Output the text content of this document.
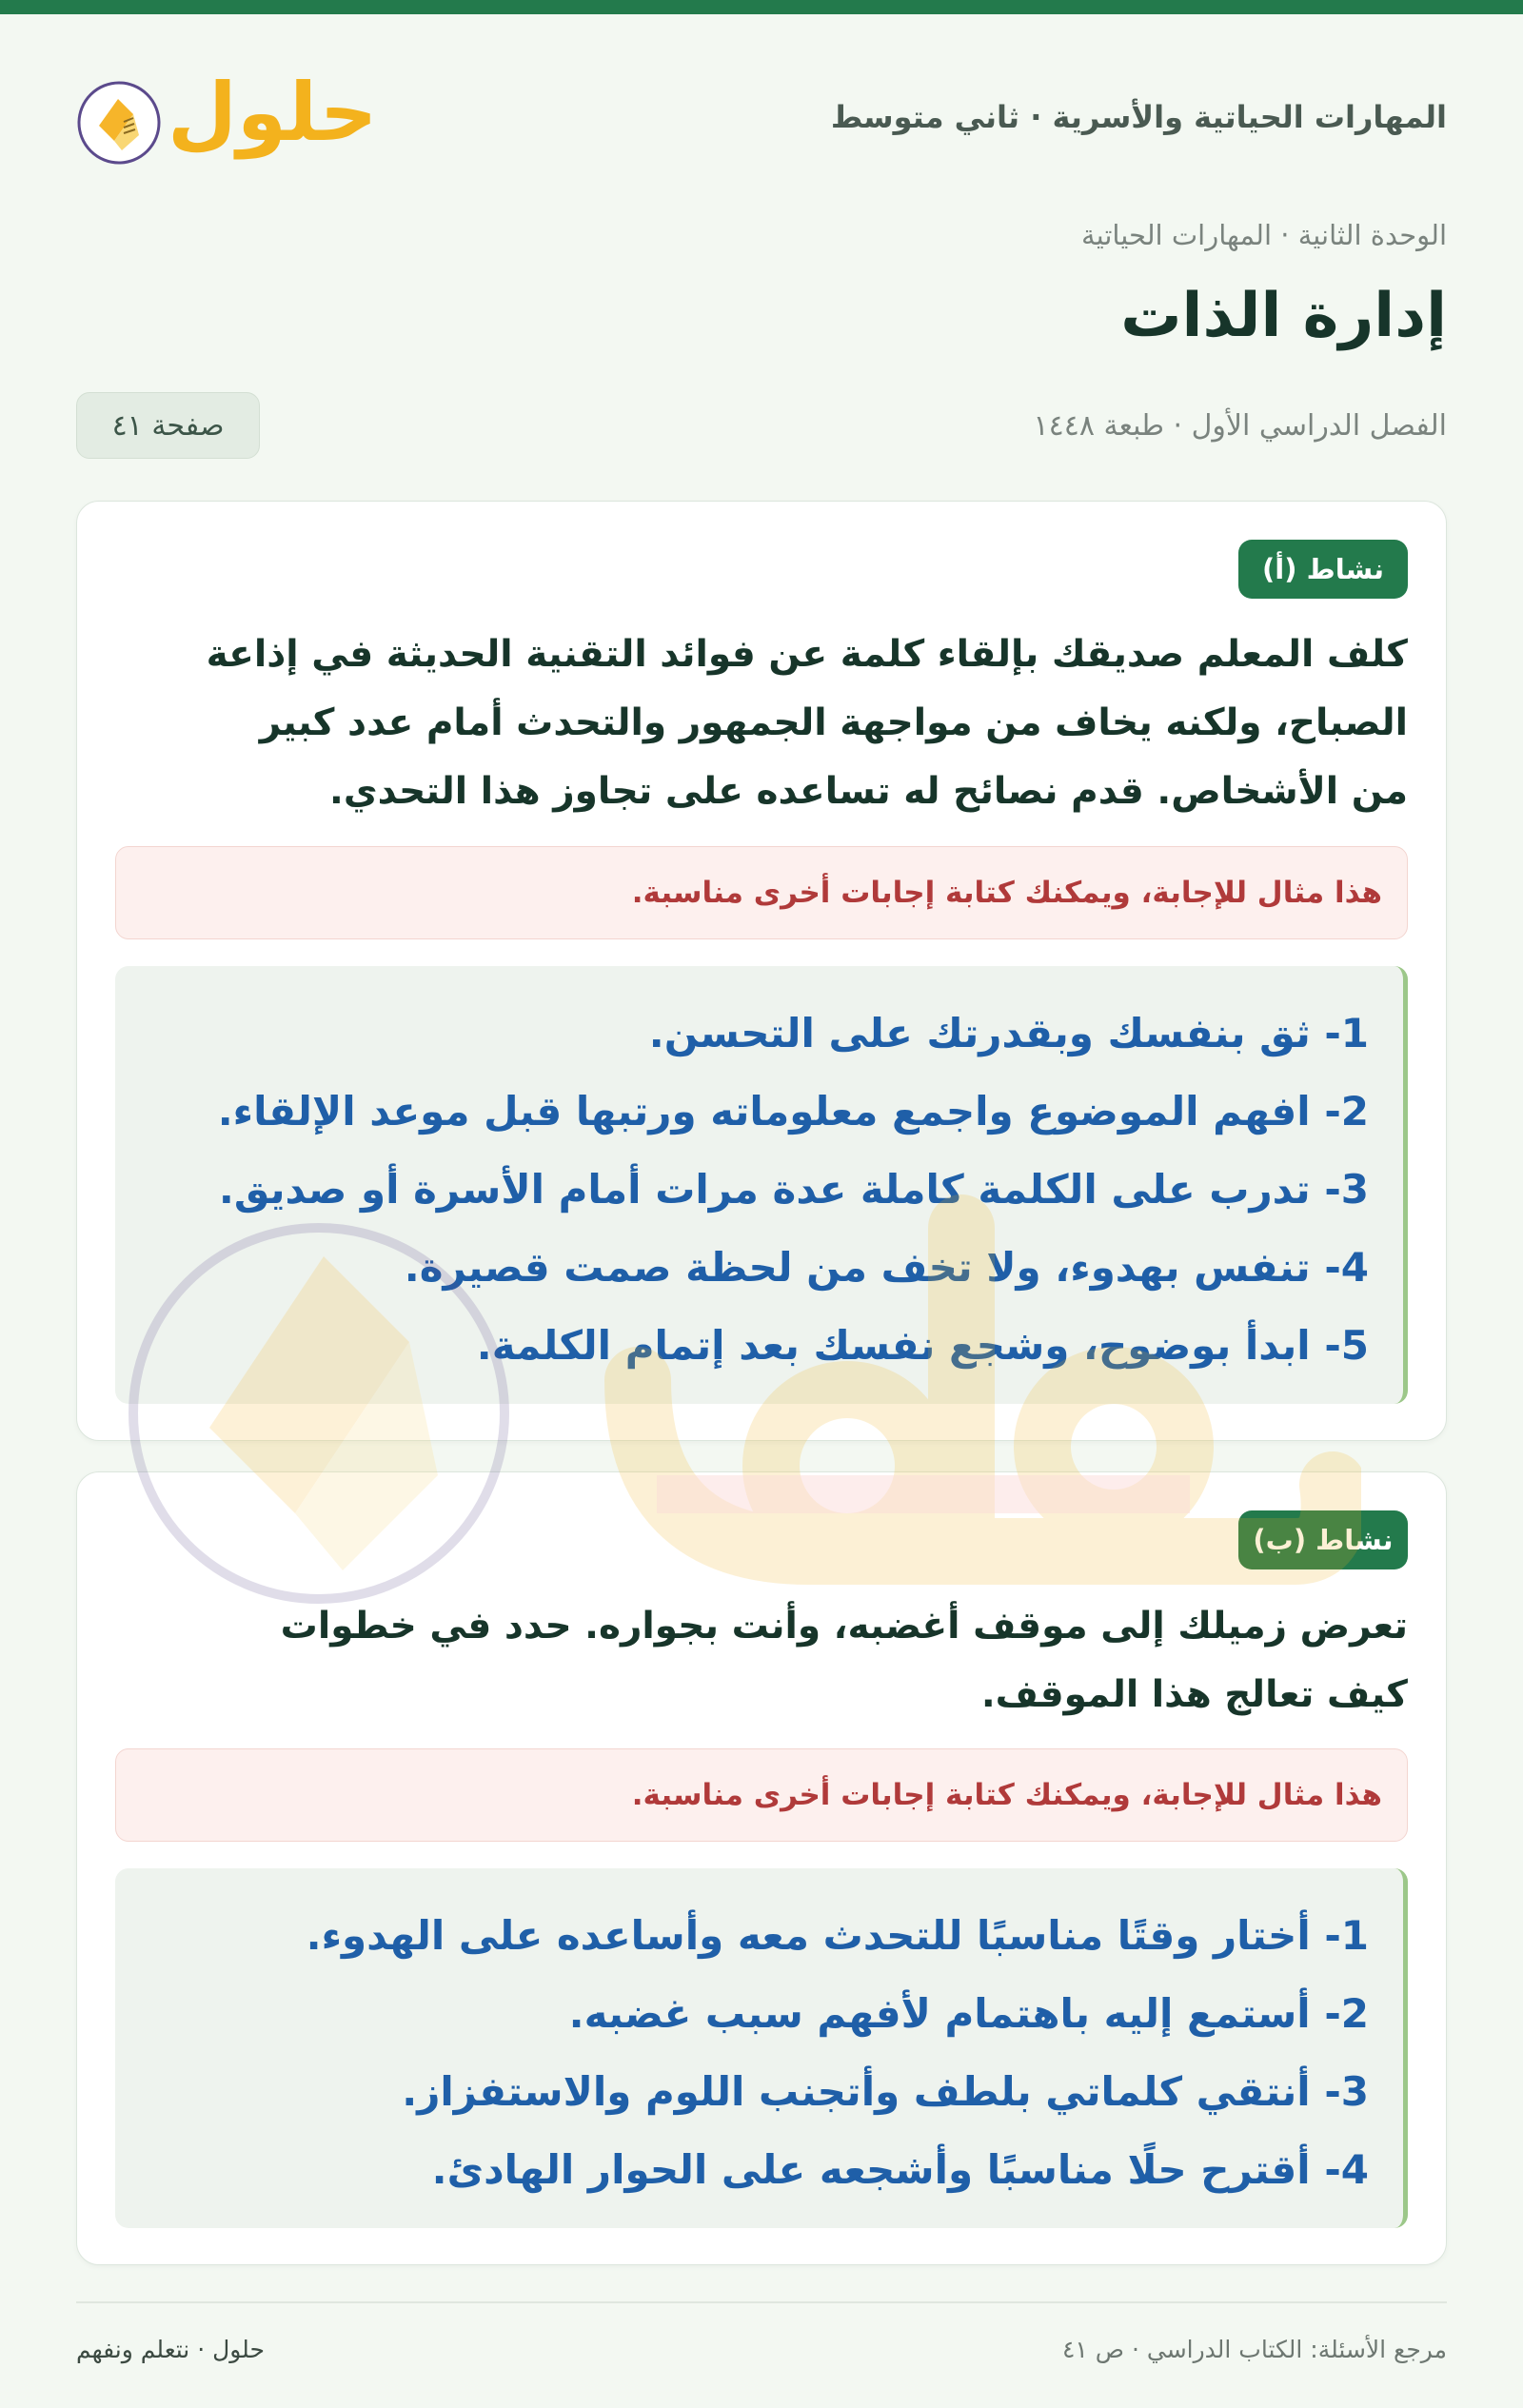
المهارات الحياتية والأسرية · ثاني متوسط
حلول
الوحدة الثانية · المهارات الحياتية
إدارة الذات
الفصل الدراسي الأول · طبعة ١٤٤٨
صفحة ٤١
نشاط (أ)
كلف المعلم صديقك بإلقاء كلمة عن فوائد التقنية الحديثة في إذاعة الصباح، ولكنه يخاف من مواجهة الجمهور والتحدث أمام عدد كبير من الأشخاص. قدم نصائح له تساعده على تجاوز هذا التحدي.
هذا مثال للإجابة، ويمكنك كتابة إجابات أخرى مناسبة.
1- ثق بنفسك وبقدرتك على التحسن.
2- افهم الموضوع واجمع معلوماته ورتبها قبل موعد الإلقاء.
3- تدرب على الكلمة كاملة عدة مرات أمام الأسرة أو صديق.
4- تنفس بهدوء، ولا تخف من لحظة صمت قصيرة.
5- ابدأ بوضوح، وشجع نفسك بعد إتمام الكلمة.
نشاط (ب)
تعرض زميلك إلى موقف أغضبه، وأنت بجواره. حدد في خطوات كيف تعالج هذا الموقف.
هذا مثال للإجابة، ويمكنك كتابة إجابات أخرى مناسبة.
1- أختار وقتًا مناسبًا للتحدث معه وأساعده على الهدوء.
2- أستمع إليه باهتمام لأفهم سبب غضبه.
3- أنتقي كلماتي بلطف وأتجنب اللوم والاستفزاز.
4- أقترح حلًا مناسبًا وأشجعه على الحوار الهادئ.
مرجع الأسئلة: الكتاب الدراسي · ص ٤١
حلول · نتعلم ونفهم
